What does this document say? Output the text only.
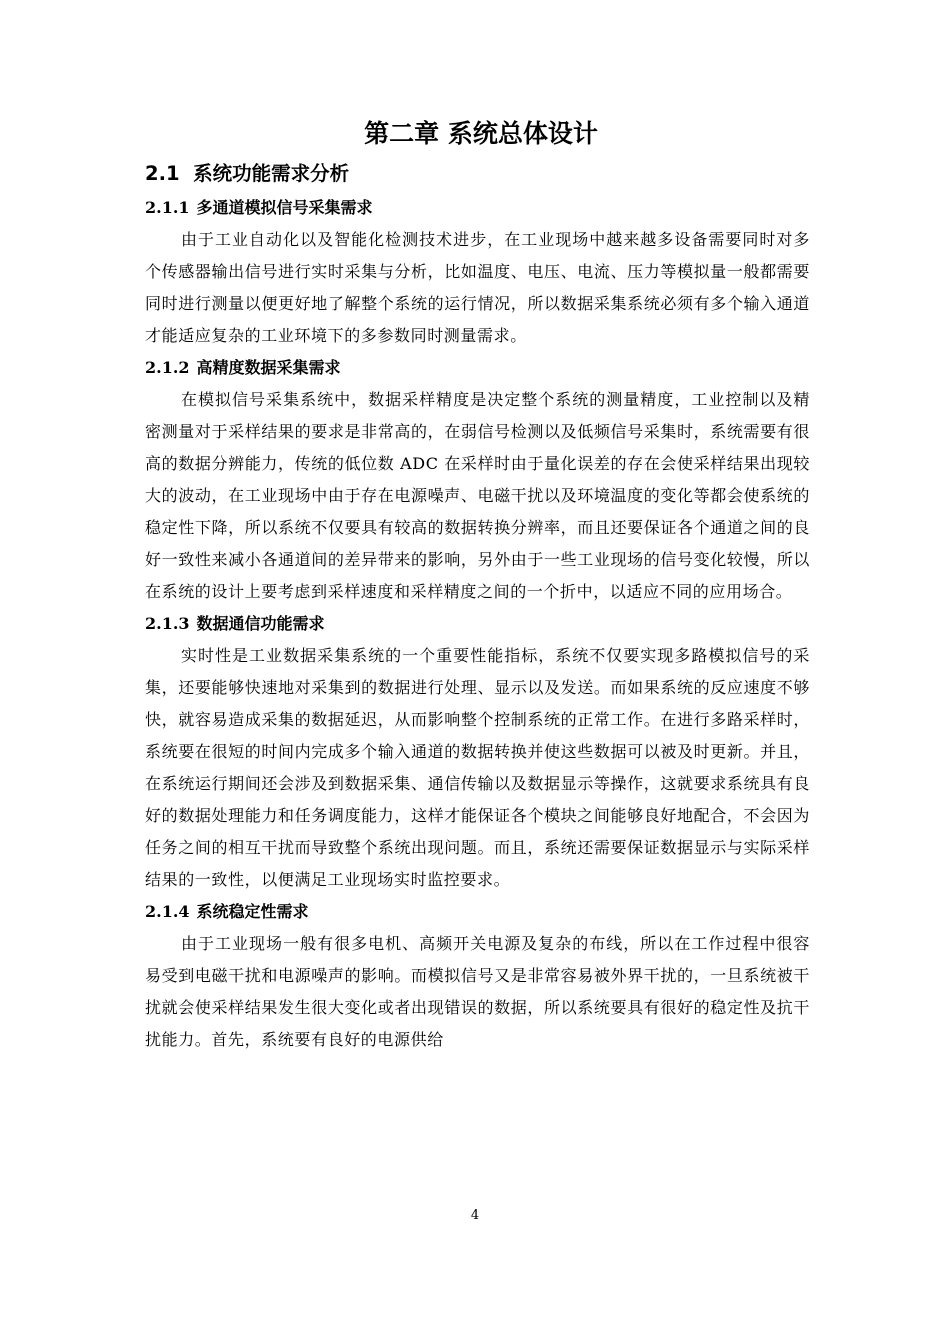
第二章 系统总体设计
2.1 系统功能需求分析
2.1.1 多通道模拟信号采集需求

由于工业自动化以及智能化检测技术进步，在工业现场中越来越多设备需要同时对多个传感器输出信号进行实时采集与分析，比如温度、电压、电流、压力等模拟量一般都需要同时进行测量以便更好地了解整个系统的运行情况，所以数据采集系统必须有多个输入通道才能适应复杂的工业环境下的多参数同时测量需求。

2.1.2 高精度数据采集需求

在模拟信号采集系统中，数据采样精度是决定整个系统的测量精度，工业控制以及精密测量对于采样结果的要求是非常高的，在弱信号检测以及低频信号采集时，系统需要有很高的数据分辨能力，传统的低位数 ADC 在采样时由于量化误差的存在会使采样结果出现较大的波动，在工业现场中由于存在电源噪声、电磁干扰以及环境温度的变化等都会使系统的稳定性下降，所以系统不仅要具有较高的数据转换分辨率，而且还要保证各个通道之间的良好一致性来减小各通道间的差异带来的影响，另外由于一些工业现场的信号变化较慢，所以在系统的设计上要考虑到采样速度和采样精度之间的一个折中，以适应不同的应用场合。

2.1.3 数据通信功能需求

实时性是工业数据采集系统的一个重要性能指标，系统不仅要实现多路模拟信号的采集，还要能够快速地对采集到的数据进行处理、显示以及发送。而如果系统的反应速度不够快，就容易造成采集的数据延迟，从而影响整个控制系统的正常工作。在进行多路采样时，系统要在很短的时间内完成多个输入通道的数据转换并使这些数据可以被及时更新。并且，在系统运行期间还会涉及到数据采集、通信传输以及数据显示等操作，这就要求系统具有良好的数据处理能力和任务调度能力，这样才能保证各个模块之间能够良好地配合，不会因为任务之间的相互干扰而导致整个系统出现问题。而且，系统还需要保证数据显示与实际采样结果的一致性，以便满足工业现场实时监控要求。

2.1.4 系统稳定性需求

由于工业现场一般有很多电机、高频开关电源及复杂的布线，所以在工作过程中很容易受到电磁干扰和电源噪声的影响。而模拟信号又是非常容易被外界干扰的，一旦系统被干扰就会使采样结果发生很大变化或者出现错误的数据，所以系统要具有很好的稳定性及抗干扰能力。首先，系统要有良好的电源供给

4
